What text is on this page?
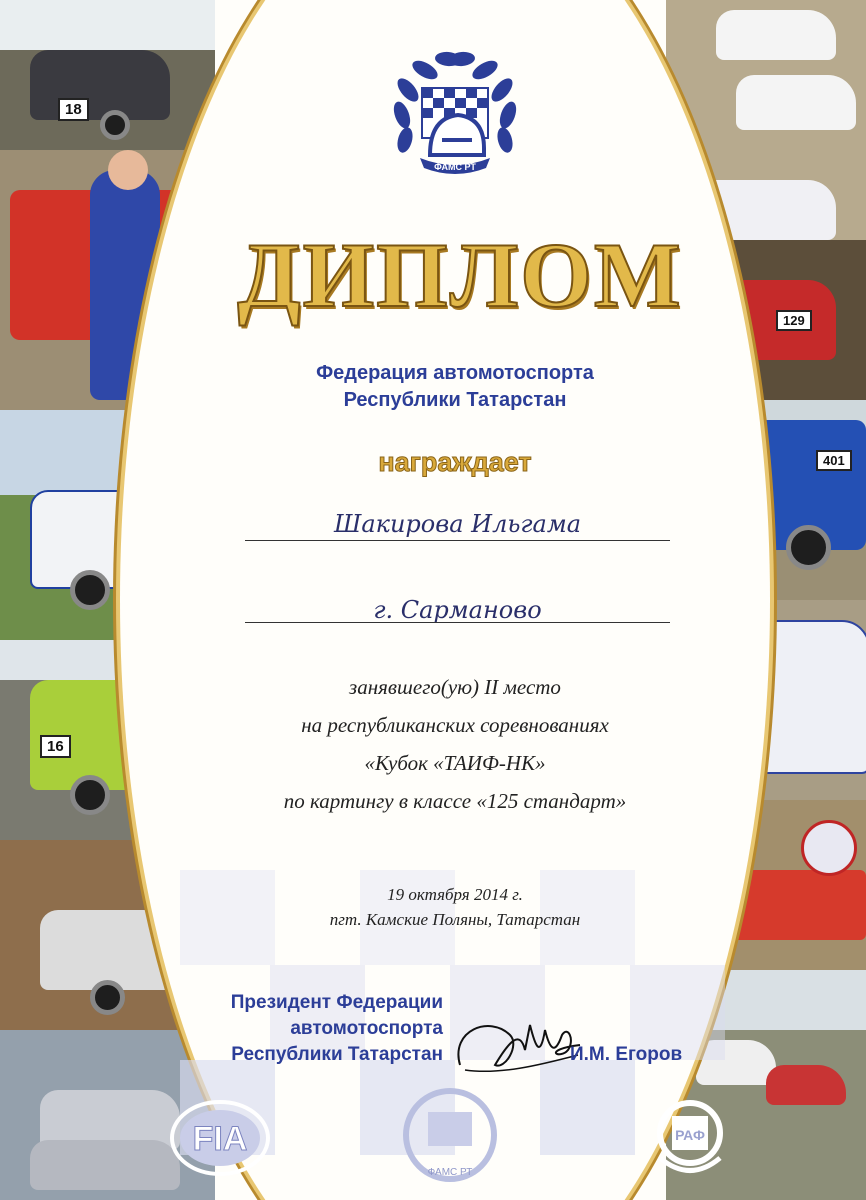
18
16
129
401
ФАМС РТ
ДИПЛОМ
Федерация автомотоспорта
Республики Татарстан
награждает
Шакирова Ильгама
г. Сарманово
занявшего(ую) II место
на республиканских соревнованиях
«Кубок «ТАИФ-НК»
по картингу в классе «125 стандарт»
19 октября 2014 г.
пгт. Камские Поляны, Татарстан
Президент Федерации
автомотоспорта
Республики Татарстан	И.М. Егоров
FIA
ФАМС РТ
РАФ
